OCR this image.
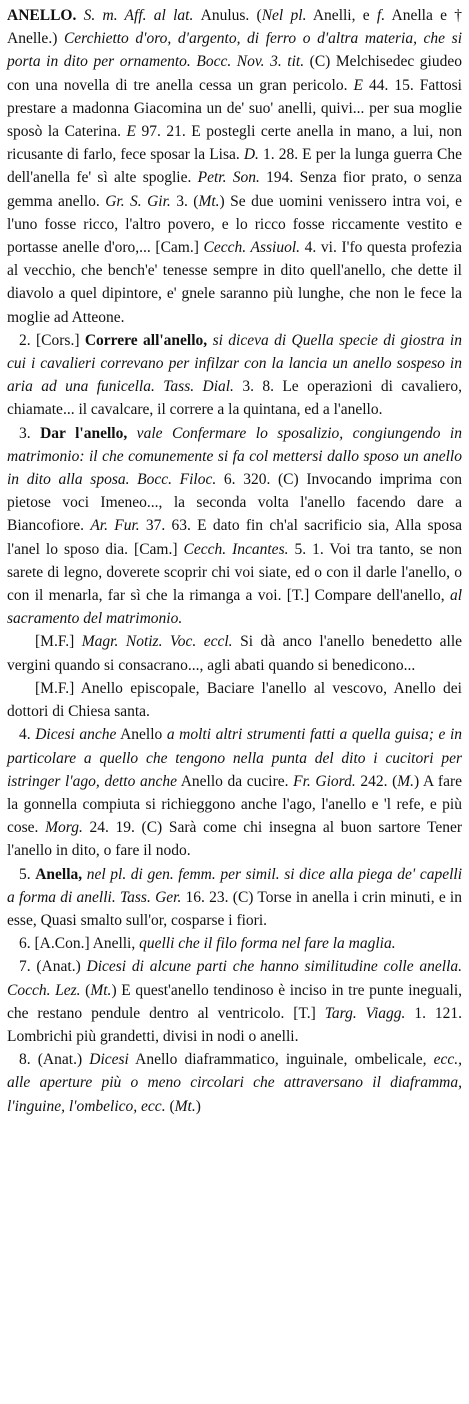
ANELLO. S. m. Aff. al lat. Anulus. (Nel pl. Anelli, e f. Anella e † Anelle.) Cerchietto d'oro, d'argento, di ferro o d'altra materia, che si porta in dito per ornamento. Bocc. Nov. 3. tit. (C) Melchisedec giudeo con una novella di tre anella cessa un gran pericolo. E 44. 15. Fattosi prestare a madonna Giacomina un de' suo' anelli, quivi... per sua moglie sposò la Caterina. E 97. 21. E postegli certe anella in mano, a lui, non ricusante di farlo, fece sposar la Lisa. D. 1. 28. E per la lunga guerra Che dell'anella fe' sì alte spoglie. Petr. Son. 194. Senza fior prato, o senza gemma anello. Gr. S. Gir. 3. (Mt.) Se due uomini venissero intra voi, e l'uno fosse ricco, l'altro povero, e lo ricco fosse riccamente vestito e portasse anelle d'oro,... [Cam.] Cecch. Assiuol. 4. vi. I'fo questa profezia al vecchio, che bench'e' tenesse sempre in dito quell'anello, che dette il diavolo a quel dipintore, e' gnele saranno più lunghe, che non le fece la moglie ad Atteone.

2. [Cors.] Correre all'anello, si diceva di Quella specie di giostra in cui i cavalieri correvano per infilzar con la lancia un anello sospeso in aria ad una funicella. Tass. Dial. 3. 8. Le operazioni di cavaliero, chiamate... il cavalcare, il correre a la quintana, ed a l'anello.

3. Dar l'anello, vale Confermare lo sposalizio, congiungendo in matrimonio: il che comunemente si fa col mettersi dallo sposo un anello in dito alla sposa. Bocc. Filoc. 6. 320. (C) Invocando imprima con pietose voci Imeneo..., la seconda volta l'anello facendo dare a Biancofiore. Ar. Fur. 37. 63. E dato fin ch'al sacrificio sia, Alla sposa l'anel lo sposo dia. [Cam.] Cecch. Incantes. 5. 1. Voi tra tanto, se non sarete di legno, doverete scoprir chi voi siate, ed o con il darle l'anello, o con il menarla, far sì che la rimanga a voi. [T.] Compare dell'anello, al sacramento del matrimonio.

[M.F.] Magr. Notiz. Voc. eccl. Si dà anco l'anello benedetto alle vergini quando si consacrano..., agli abati quando si benedicono...

[M.F.] Anello episcopale, Baciare l'anello al vescovo, Anello dei dottori di Chiesa santa.

4. Dicesi anche Anello a molti altri strumenti fatti a quella guisa; e in particolare a quello che tengono nella punta del dito i cucitori per istringer l'ago, detto anche Anello da cucire. Fr. Giord. 242. (M.) A fare la gonnella compiuta si richieggono anche l'ago, l'anello e 'l refe, e più cose. Morg. 24. 19. (C) Sarà come chi insegna al buon sartore Tener l'anello in dito, o fare il nodo.

5. Anella, nel pl. di gen. femm. per simil. si dice alla piega de' capelli a forma di anelli. Tass. Ger. 16. 23. (C) Torse in anella i crin minuti, e in esse, Quasi smalto sull'or, cosparse i fiori.

6. [A.Con.] Anelli, quelli che il filo forma nel fare la maglia.

7. (Anat.) Dicesi di alcune parti che hanno similitudine colle anella. Cocch. Lez. (Mt.) E quest'anello tendinoso è inciso in tre punte ineguali, che restano pendule dentro al ventricolo. [T.] Targ. Viagg. 1. 121. Lombrichi più grandetti, divisi in nodi o anelli.

8. (Anat.) Dicesi Anello diaframmatico, inguinale, ombelicale, ecc., alle aperture più o meno circolari che attraversano il diaframma, l'inguine, l'ombelico, ecc. (Mt.)
